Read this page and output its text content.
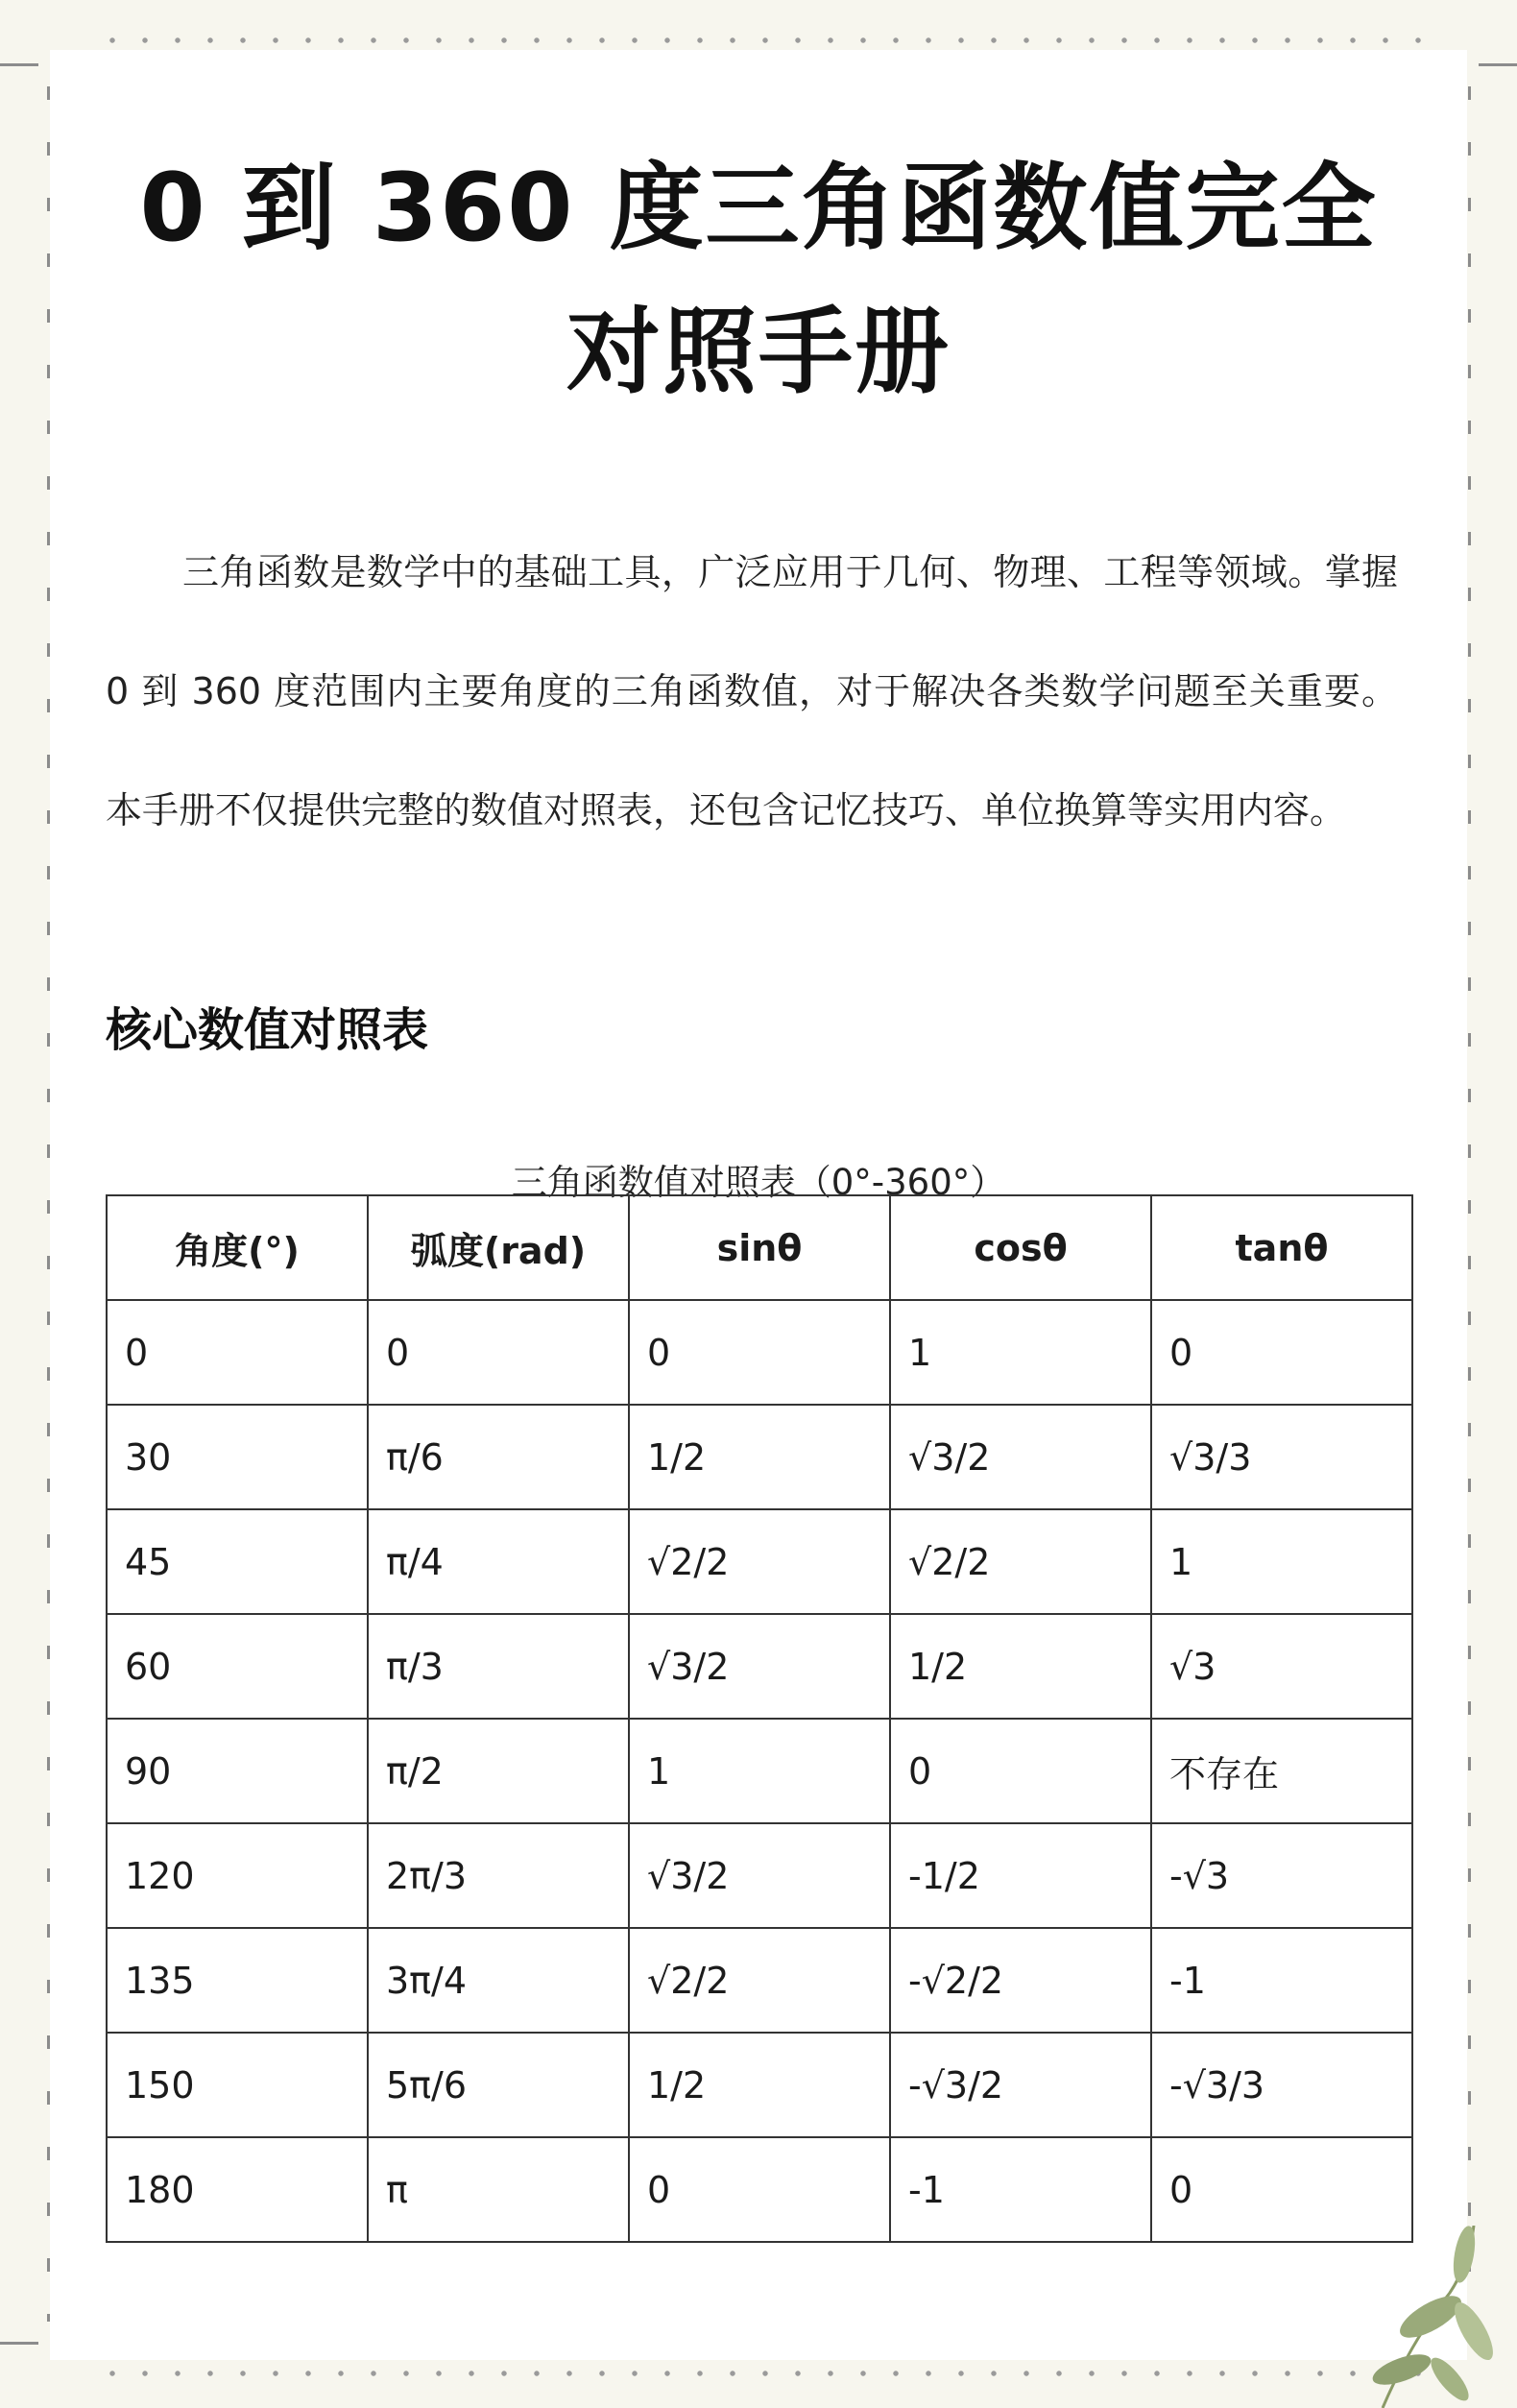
0 到 360 度三角函数值完全对照手册

三角函数是数学中的基础工具，广泛应用于几何、物理、工程等领域。掌握 0 到 360 度范围内主要角度的三角函数值，对于解决各类数学问题至关重要。本手册不仅提供完整的数值对照表，还包含记忆技巧、单位换算等实用内容。

核心数值对照表
三角函数值对照表（0°-360°）
角度(°)	弧度(rad)	sinθ	cosθ	tanθ
0	0	0	1	0
30	π/6	1/2	√3/2	√3/3
45	π/4	√2/2	√2/2	1
60	π/3	√3/2	1/2	√3
90	π/2	1	0	不存在
120	2π/3	√3/2	-1/2	-√3
135	3π/4	√2/2	-√2/2	-1
150	5π/6	1/2	-√3/2	-√3/3
180	π	0	-1	0
